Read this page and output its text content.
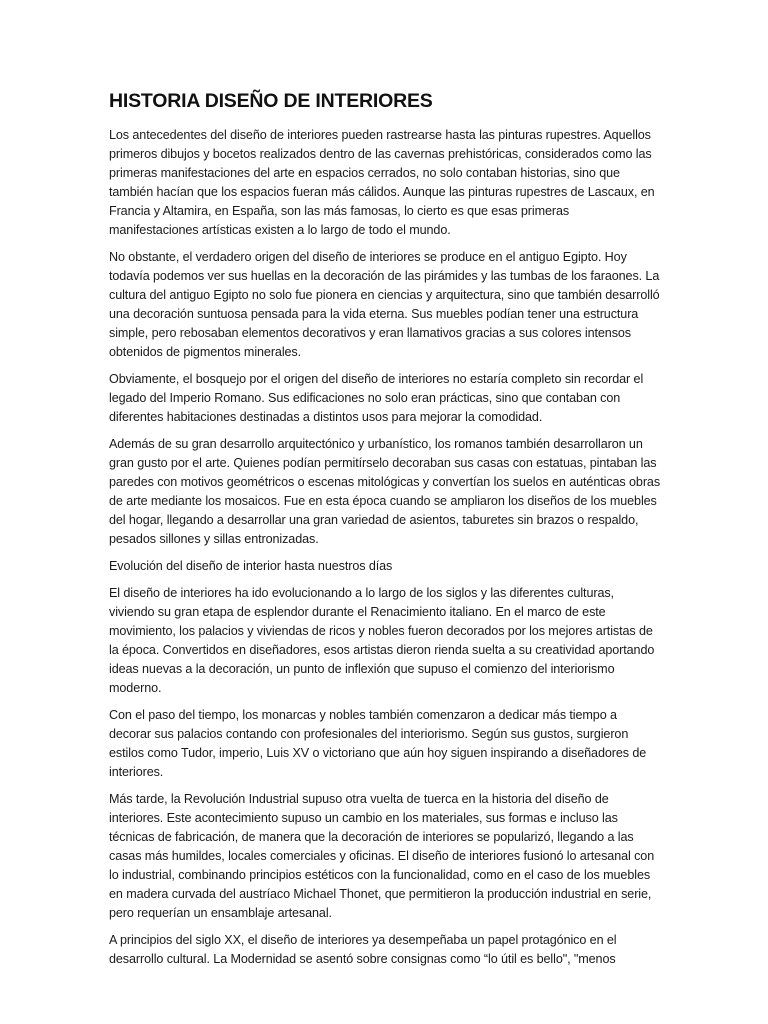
HISTORIA DISEÑO DE INTERIORES

Los antecedentes del diseño de interiores pueden rastrearse hasta las pinturas rupestres. Aquellos primeros dibujos y bocetos realizados dentro de las cavernas prehistóricas, considerados como las primeras manifestaciones del arte en espacios cerrados, no solo contaban historias, sino que también hacían que los espacios fueran más cálidos. Aunque las pinturas rupestres de Lascaux, en Francia y Altamira, en España, son las más famosas, lo cierto es que esas primeras manifestaciones artísticas existen a lo largo de todo el mundo.

No obstante, el verdadero origen del diseño de interiores se produce en el antiguo Egipto. Hoy todavía podemos ver sus huellas en la decoración de las pirámides y las tumbas de los faraones. La cultura del antiguo Egipto no solo fue pionera en ciencias y arquitectura, sino que también desarrolló una decoración suntuosa pensada para la vida eterna. Sus muebles podían tener una estructura simple, pero rebosaban elementos decorativos y eran llamativos gracias a sus colores intensos obtenidos de pigmentos minerales.

Obviamente, el bosquejo por el origen del diseño de interiores no estaría completo sin recordar el legado del Imperio Romano. Sus edificaciones no solo eran prácticas, sino que contaban con diferentes habitaciones destinadas a distintos usos para mejorar la comodidad.

Además de su gran desarrollo arquitectónico y urbanístico, los romanos también desarrollaron un gran gusto por el arte. Quienes podían permitírselo decoraban sus casas con estatuas, pintaban las paredes con motivos geométricos o escenas mitológicas y convertían los suelos en auténticas obras de arte mediante los mosaicos. Fue en esta época cuando se ampliaron los diseños de los muebles del hogar, llegando a desarrollar una gran variedad de asientos, taburetes sin brazos o respaldo, pesados sillones y sillas entronizadas.

Evolución del diseño de interior hasta nuestros días

El diseño de interiores ha ido evolucionando a lo largo de los siglos y las diferentes culturas, viviendo su gran etapa de esplendor durante el Renacimiento italiano. En el marco de este movimiento, los palacios y viviendas de ricos y nobles fueron decorados por los mejores artistas de la época. Convertidos en diseñadores, esos artistas dieron rienda suelta a su creatividad aportando ideas nuevas a la decoración, un punto de inflexión que supuso el comienzo del interiorismo moderno.

Con el paso del tiempo, los monarcas y nobles también comenzaron a dedicar más tiempo a decorar sus palacios contando con profesionales del interiorismo. Según sus gustos, surgieron estilos como Tudor, imperio, Luis XV o victoriano que aún hoy siguen inspirando a diseñadores de interiores.

Más tarde, la Revolución Industrial supuso otra vuelta de tuerca en la historia del diseño de interiores. Este acontecimiento supuso un cambio en los materiales, sus formas e incluso las técnicas de fabricación, de manera que la decoración de interiores se popularizó, llegando a las casas más humildes, locales comerciales y oficinas. El diseño de interiores fusionó lo artesanal con lo industrial, combinando principios estéticos con la funcionalidad, como en el caso de los muebles en madera curvada del austríaco Michael Thonet, que permitieron la producción industrial en serie, pero requerían un ensamblaje artesanal.

A principios del siglo XX, el diseño de interiores ya desempeñaba un papel protagónico en el desarrollo cultural. La Modernidad se asentó sobre consignas como “lo útil es bello", "menos
